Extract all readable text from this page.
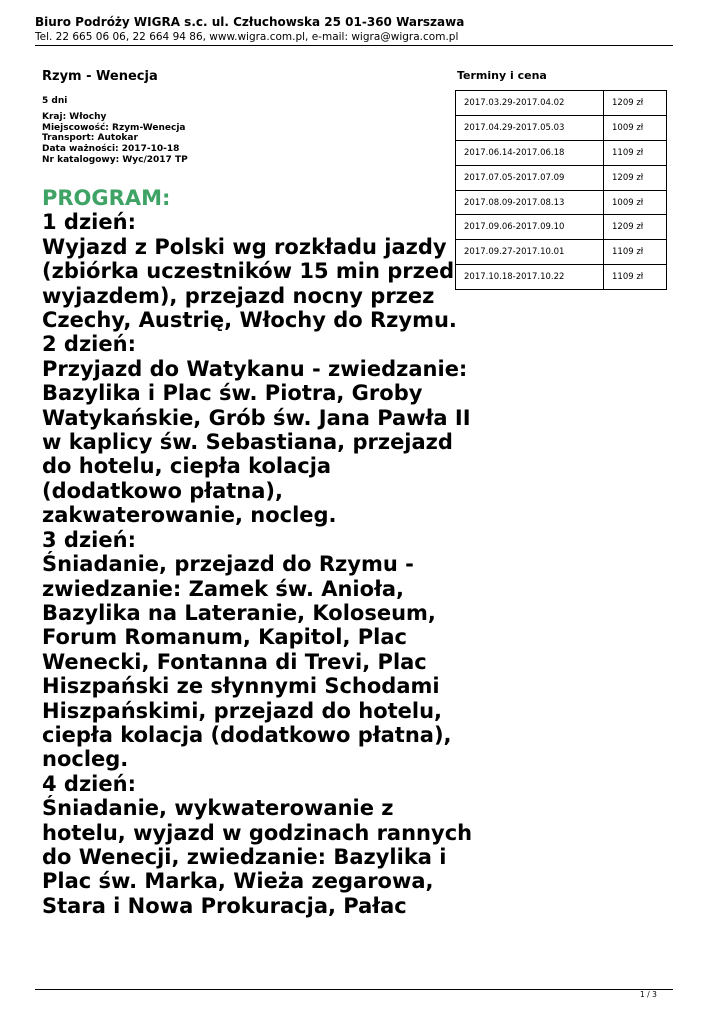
Biuro Podróży WIGRA s.c. ul. Człuchowska 25 01-360 Warszawa
Tel. 22 665 06 06, 22 664 94 86, www.wigra.com.pl, e-mail: wigra@wigra.com.pl
Rzym - Wenecja
5 dni
Kraj: Włochy
Miejscowość: Rzym-Wenecja
Transport: Autokar
Data ważności: 2017-10-18
Nr katalogowy: Wyc/2017 TP
PROGRAM:
1 dzień:
Wyjazd z Polski wg rozkładu jazdy
(zbiórka uczestników 15 min przed
wyjazdem), przejazd nocny przez
Czechy, Austrię, Włochy do Rzymu.
2 dzień:
Przyjazd do Watykanu - zwiedzanie:
Bazylika i Plac św. Piotra, Groby
Watykańskie, Grób św. Jana Pawła II
w kaplicy św. Sebastiana, przejazd
do hotelu, ciepła kolacja
(dodatkowo płatna),
zakwaterowanie, nocleg.
3 dzień:
Śniadanie, przejazd do Rzymu -
zwiedzanie: Zamek św. Anioła,
Bazylika na Lateranie, Koloseum,
Forum Romanum, Kapitol, Plac
Wenecki, Fontanna di Trevi, Plac
Hiszpański ze słynnymi Schodami
Hiszpańskimi, przejazd do hotelu,
ciepła kolacja (dodatkowo płatna),
nocleg.
4 dzień:
Śniadanie, wykwaterowanie z
hotelu, wyjazd w godzinach rannych
do Wenecji, zwiedzanie: Bazylika i
Plac św. Marka, Wieża zegarowa,
Stara i Nowa Prokuracja, Pałac
Terminy i cena
2017.03.29-2017.04.02	1209 zł
2017.04.29-2017.05.03	1009 zł
2017.06.14-2017.06.18	1109 zł
2017.07.05-2017.07.09	1209 zł
2017.08.09-2017.08.13	1009 zł
2017.09.06-2017.09.10	1209 zł
2017.09.27-2017.10.01	1109 zł
2017.10.18-2017.10.22	1109 zł
1 / 3
